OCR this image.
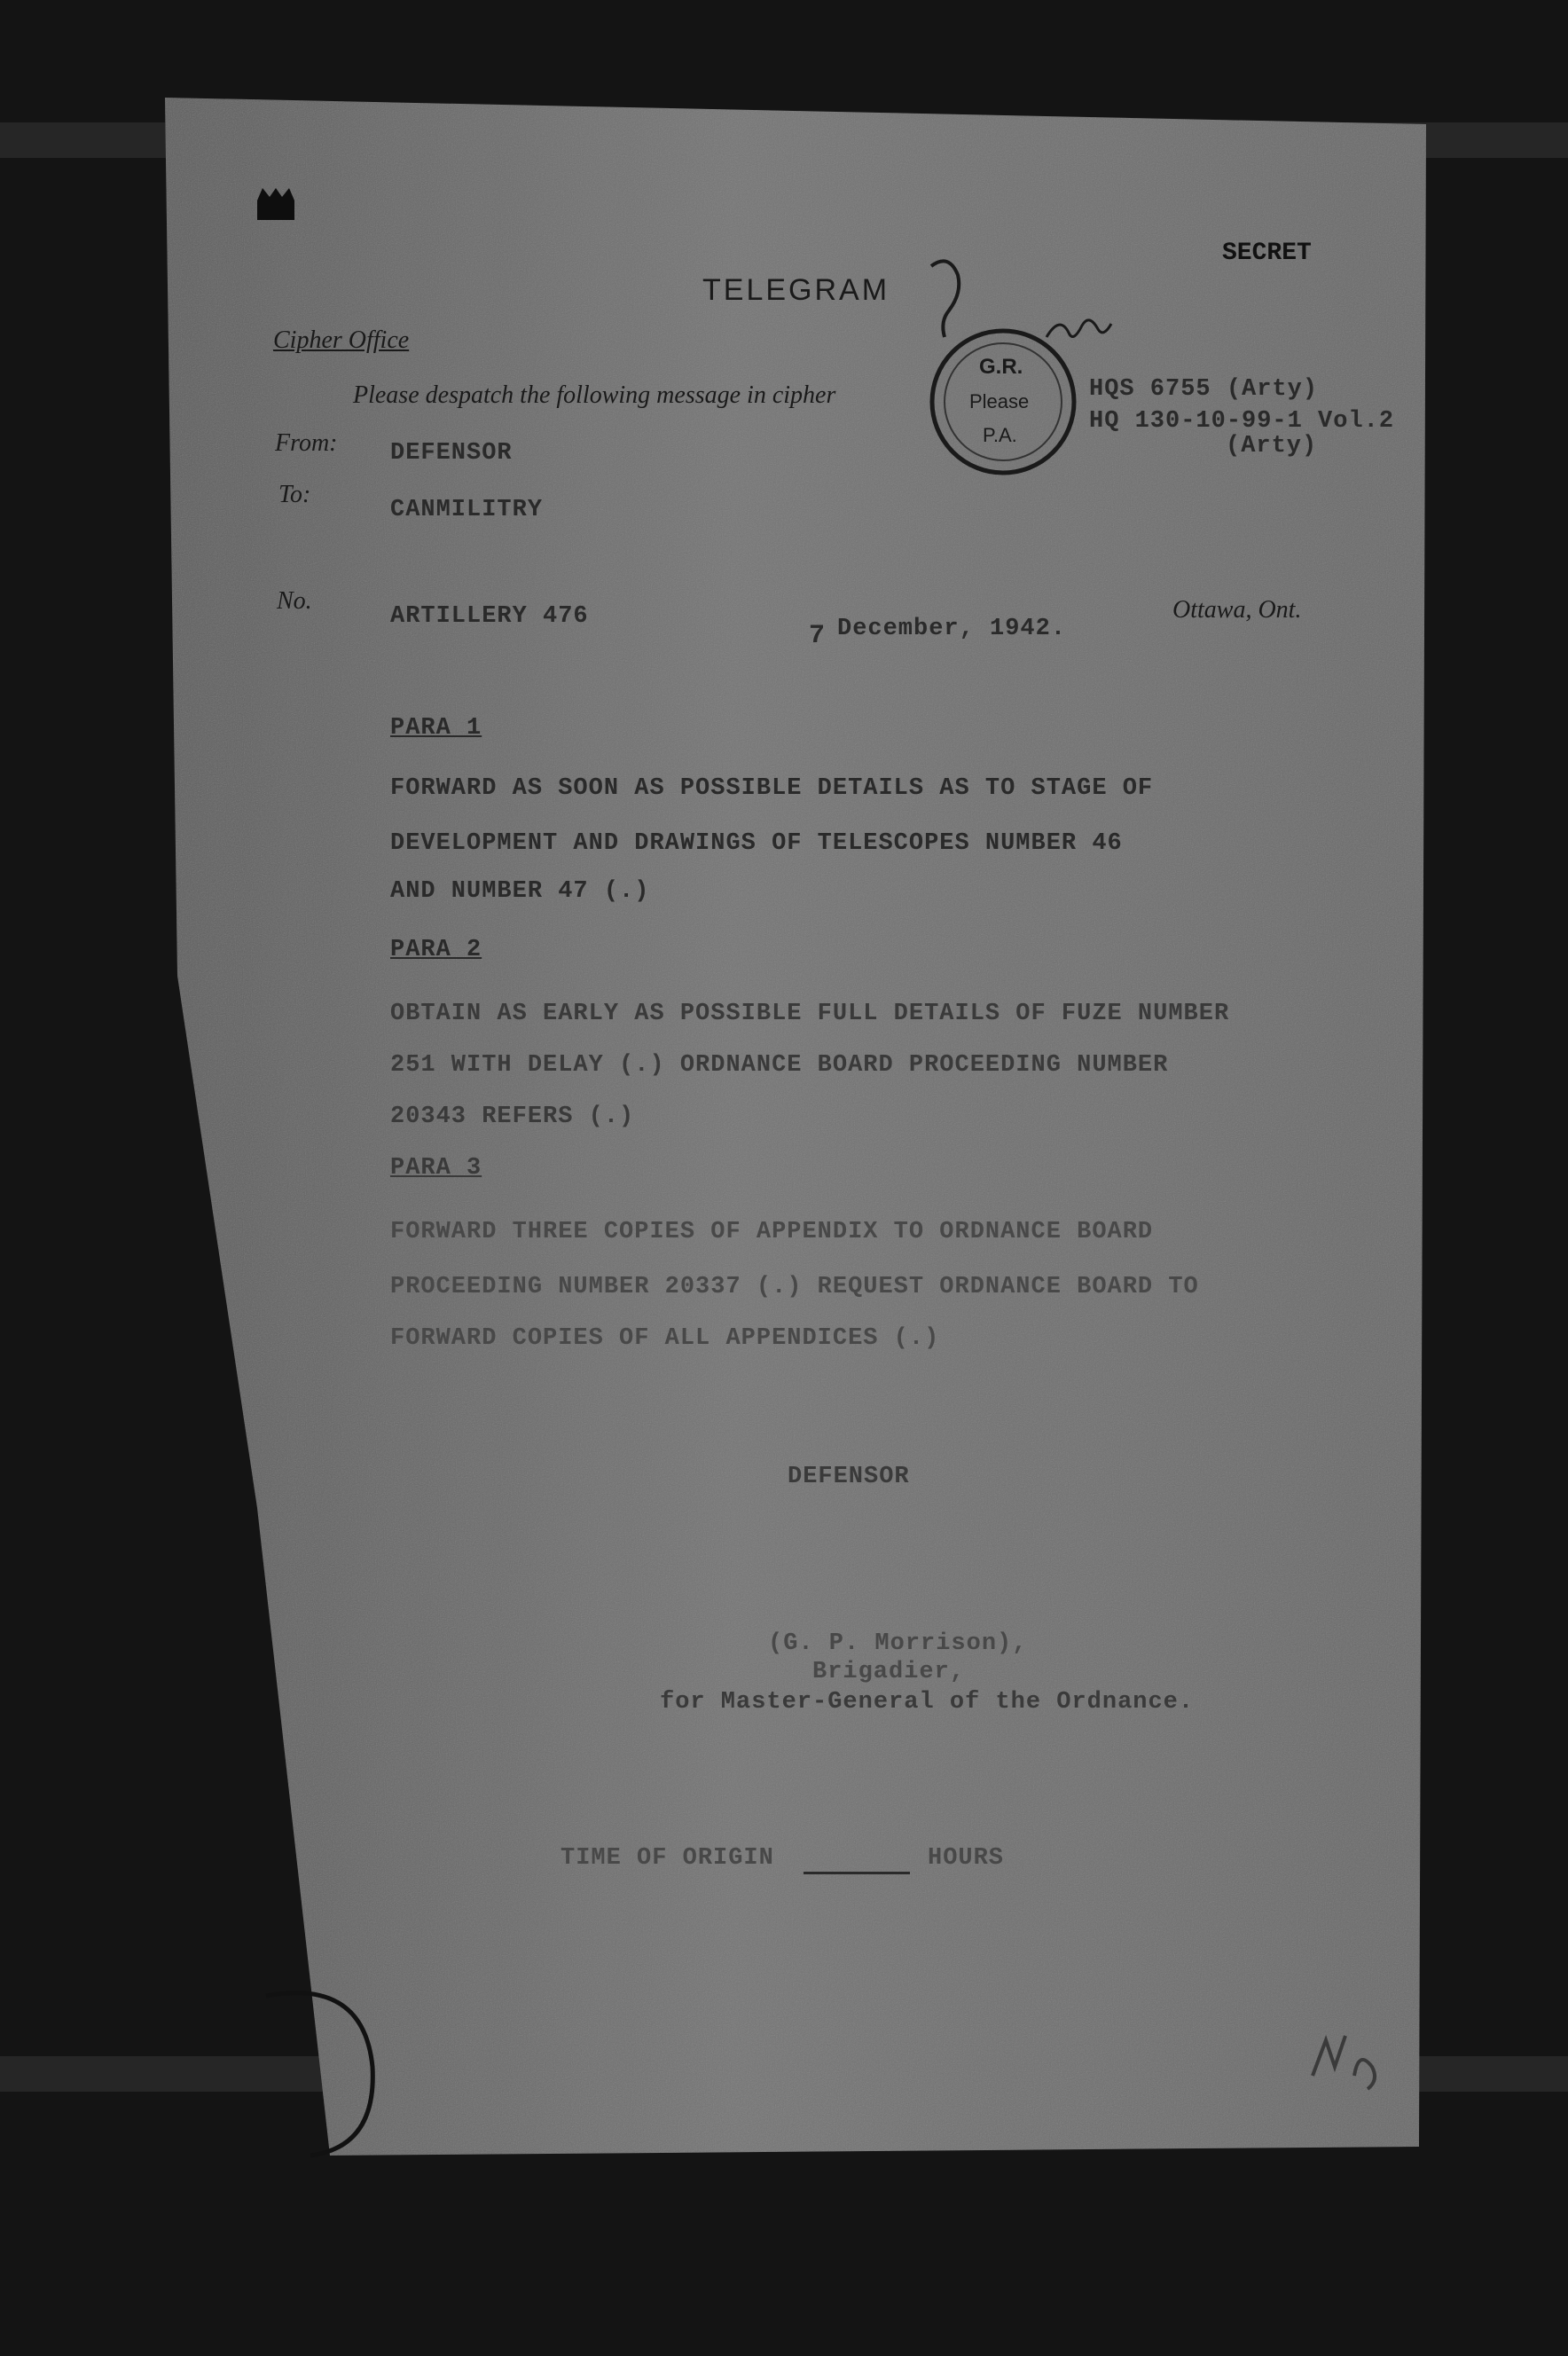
TELEGRAM
SECRET
Cipher Office
Please despatch the following message in cipher
G.R.
Please
P.A.
HQS 6755 (Arty)
HQ 130-10-99-1 Vol.2
(Arty)
From: DEFENSOR
To:
CANMILITRY
No.
ARTILLERY 476
7 December, 1942.
Ottawa, Ont.
PARA 1
FORWARD AS SOON AS POSSIBLE DETAILS AS TO STAGE OF
DEVELOPMENT AND DRAWINGS OF TELESCOPES NUMBER 46
AND NUMBER 47 (.)
PARA 2
OBTAIN AS EARLY AS POSSIBLE FULL DETAILS OF FUZE NUMBER
251 WITH DELAY (.) ORDNANCE BOARD PROCEEDING NUMBER
20343 REFERS (.)
PARA 3
FORWARD THREE COPIES OF APPENDIX TO ORDNANCE BOARD
PROCEEDING NUMBER 20337 (.) REQUEST ORDNANCE BOARD TO
FORWARD COPIES OF ALL APPENDICES (.)
DEFENSOR
(G. P. Morrison),
Brigadier,
for Master-General of the Ordnance.
TIME OF ORIGIN	HOURS
